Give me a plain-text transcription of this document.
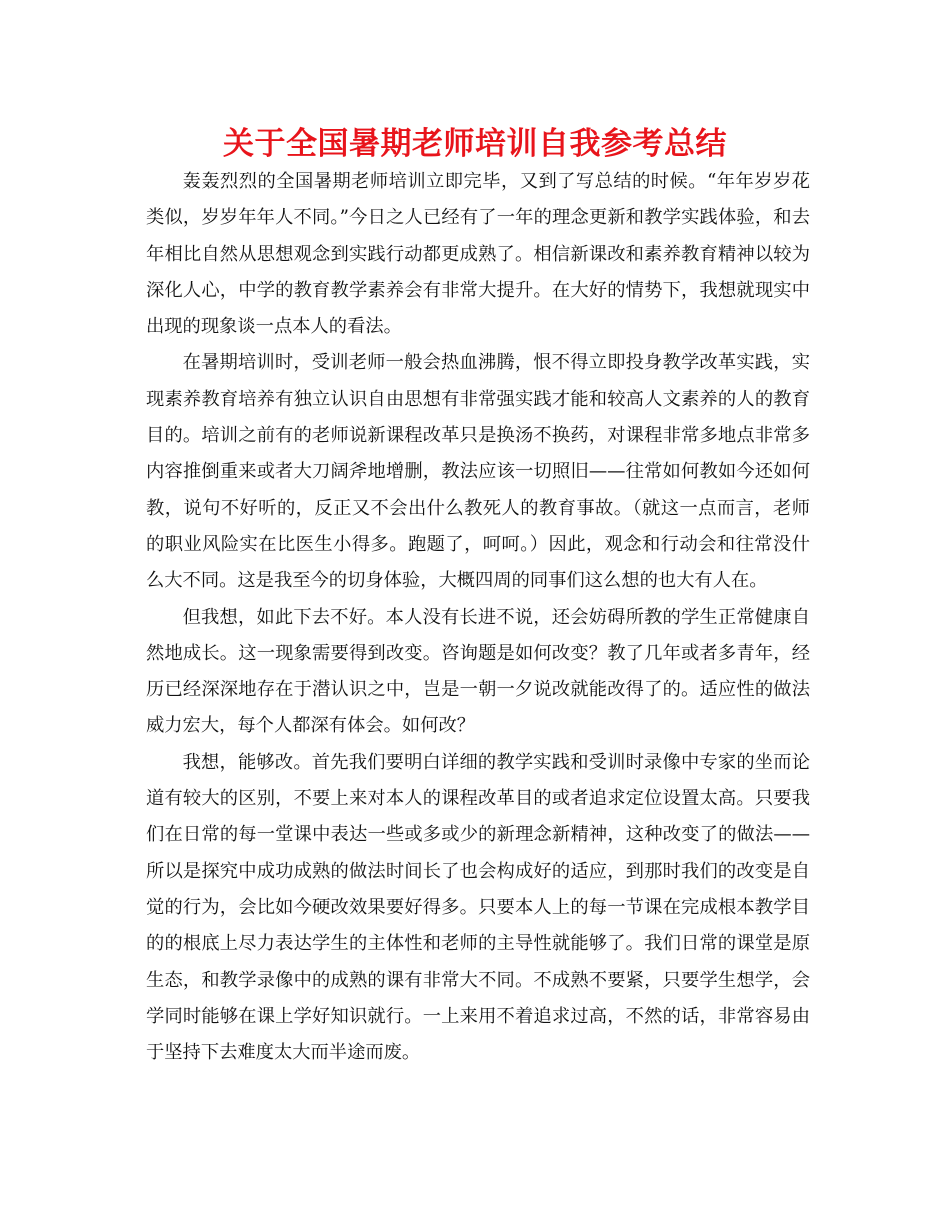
关于全国暑期老师培训自我参考总结

轰轰烈烈的全国暑期老师培训立即完毕，又到了写总结的时候。“年年岁岁花类似，岁岁年年人不同。”今日之人已经有了一年的理念更新和教学实践体验，和去年相比自然从思想观念到实践行动都更成熟了。相信新课改和素养教育精神以较为深化人心，中学的教育教学素养会有非常大提升。在大好的情势下，我想就现实中出现的现象谈一点本人的看法。

在暑期培训时，受训老师一般会热血沸腾，恨不得立即投身教学改革实践，实现素养教育培养有独立认识自由思想有非常强实践才能和较高人文素养的人的教育目的。培训之前有的老师说新课程改革只是换汤不换药，对课程非常多地点非常多内容推倒重来或者大刀阔斧地增删，教法应该一切照旧——往常如何教如今还如何教，说句不好听的，反正又不会出什么教死人的教育事故。（就这一点而言，老师的职业风险实在比医生小得多。跑题了，呵呵。）因此，观念和行动会和往常没什么大不同。这是我至今的切身体验，大概四周的同事们这么想的也大有人在。

但我想，如此下去不好。本人没有长进不说，还会妨碍所教的学生正常健康自然地成长。这一现象需要得到改变。咨询题是如何改变？教了几年或者多青年，经历已经深深地存在于潜认识之中，岂是一朝一夕说改就能改得了的。适应性的做法威力宏大，每个人都深有体会。如何改？

我想，能够改。首先我们要明白详细的教学实践和受训时录像中专家的坐而论道有较大的区别，不要上来对本人的课程改革目的或者追求定位设置太高。只要我们在日常的每一堂课中表达一些或多或少的新理念新精神，这种改变了的做法——所以是探究中成功成熟的做法时间长了也会构成好的适应，到那时我们的改变是自觉的行为，会比如今硬改效果要好得多。只要本人上的每一节课在完成根本教学目的的根底上尽力表达学生的主体性和老师的主导性就能够了。我们日常的课堂是原生态，和教学录像中的成熟的课有非常大不同。不成熟不要紧，只要学生想学，会学同时能够在课上学好知识就行。一上来用不着追求过高，不然的话，非常容易由于坚持下去难度太大而半途而废。
